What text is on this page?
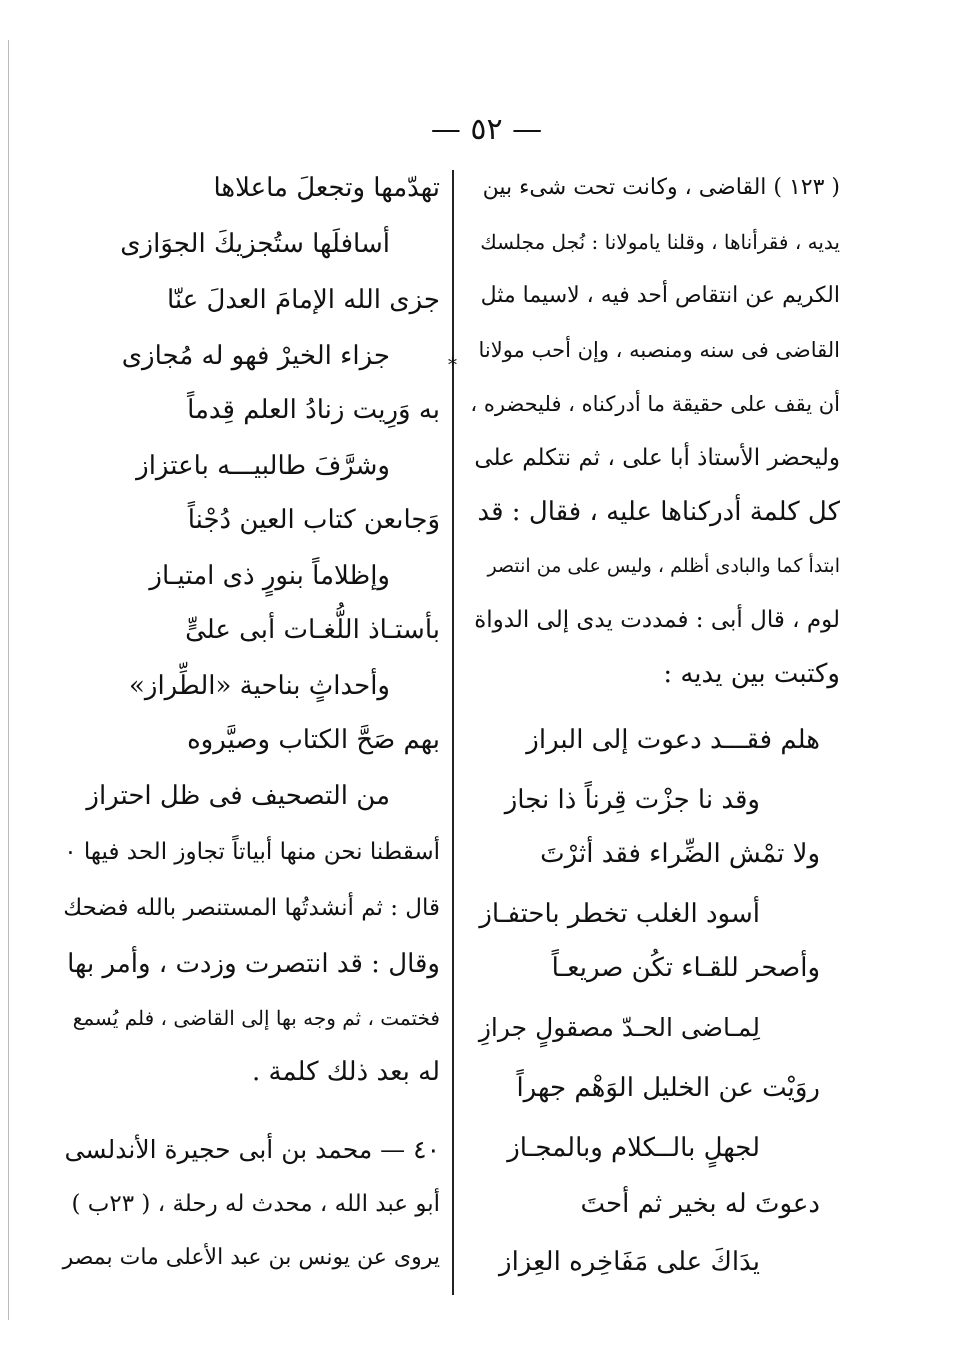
— ٥٢ —
( ١٢٣ ) القاضى ، وكانت تحت شىء بين
يديه ، فقرأناها ، وقلنا يامولانا : نُجل مجلسك
الكريم عن انتقاص أحد فيه ، لاسيما مثل
القاضى فى سنه ومنصبه ، وإن أحب مولانا
أن يقف على حقيقة ما أدركناه ، فليحضره ،
وليحضر الأستاذ أبا على ، ثم نتكلم على
كل كلمة أدركناها عليه ، فقال : قد
ابتدأ كما والبادى أظلم ، وليس على من انتصر
لوم ، قال أبى : فمددت يدى إلى الدواة
وكتبت بين يديه :
هلم فقـــد دعوت إلى البراز
وقد نا جزْت قِرناً ذا نجاز
ولا تمْش الضِّراء فقد أثرْتَ
أسود الغلب تخطر باحتفـاز
وأصحر للقـاء تكُن صريعـاً
لِمـاضى الحـدّ مصقولٍ جرازِ
روَيْت عن الخليل الوَهْم جهراً
لجهلٍ بالــكلام وبالمجـاز
دعوتَ له بخير ثم أحتَ
يدَاكَ على مَفَاخِره العِزاز
*
تهدّمها وتجعلَ ماعلاها
أسافلَها ستُجزيكَ الجوَازى
جزى الله الإمامَ العدلَ عنّا
جزاء الخيرْ فهو له مُجازى
به وَرِيت زنادُ العلم قِدماً
وشرَّفَ طالبيـــه باعتزاز
وَجاىعن كتاب العين دُجْناً
وإظلاماً بنورٍ ذى امتيـاز
بأستـاذ اللُّغـات أبى علىٍّ
وأحداثٍ بناحية «الطِّراز»
بهم صَحَّ الكتاب وصيَّروه
من التصحيف فى ظل احتراز
أسقطنا نحن منها أبياتاً تجاوز الحد فيها ٠
قال : ثم أنشدتُها المستنصر بالله فضحك
وقال : قد انتصرت وزدت ، وأمر بها
فختمت ، ثم وجه بها إلى القاضى ، فلم يُسمع
له بعد ذلك كلمة .
٤٠ — محمد بن أبى حجيرة الأندلسى
أبو عبد الله ، محدث له رحلة ، ( ٢٣ب )
يروى عن يونس بن عبد الأعلى مات بمصر
